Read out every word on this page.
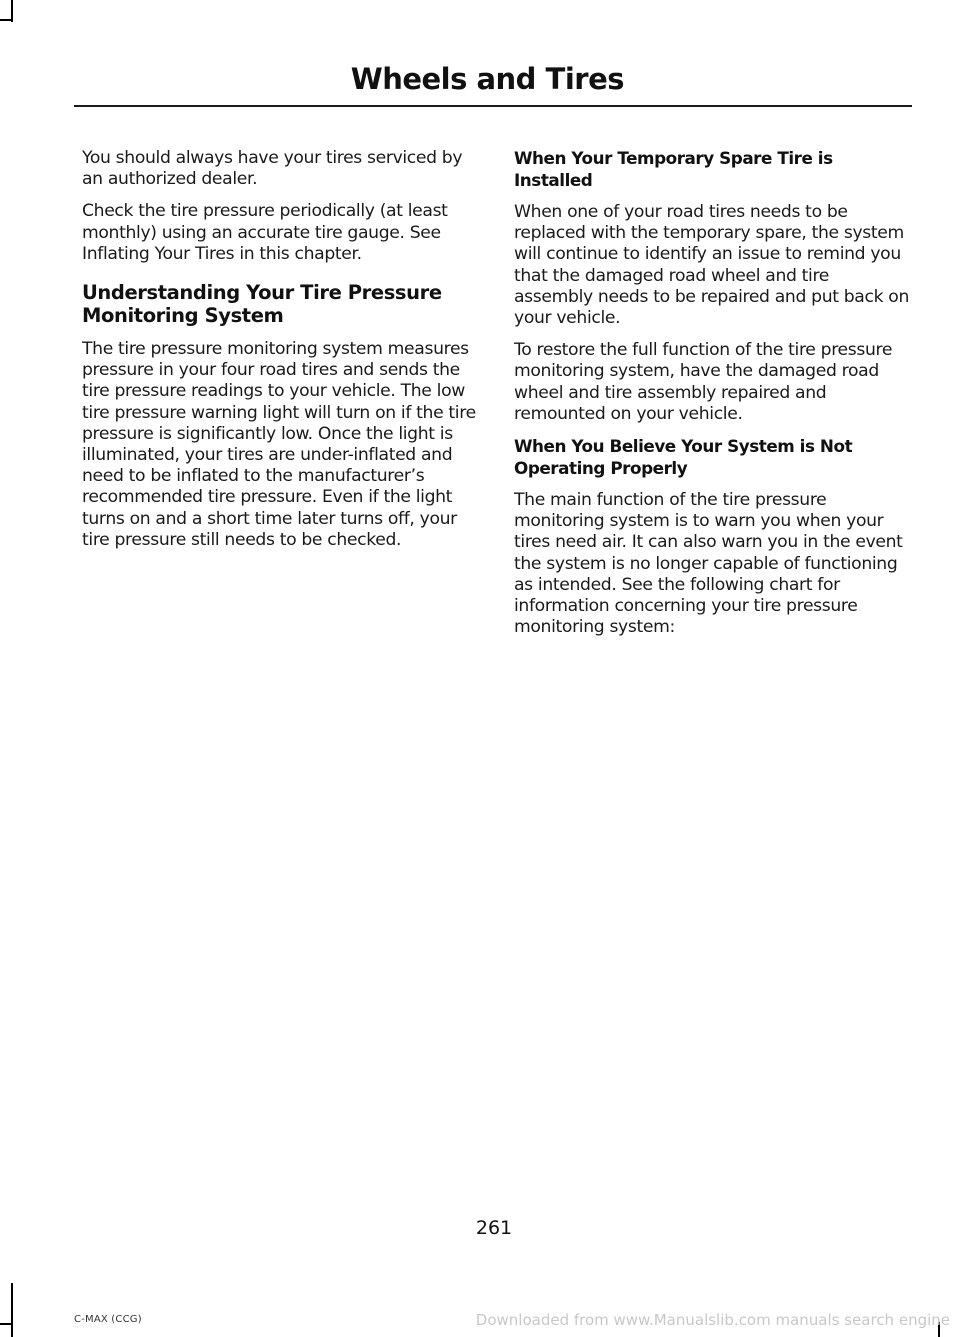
Wheels and Tires

You should always have your tires serviced by an authorized dealer.

Check the tire pressure periodically (at least monthly) using an accurate tire gauge. See Inflating Your Tires in this chapter.

Understanding Your Tire Pressure Monitoring System

The tire pressure monitoring system measures pressure in your four road tires and sends the tire pressure readings to your vehicle. The low tire pressure warning light will turn on if the tire pressure is significantly low. Once the light is illuminated, your tires are under-inflated and need to be inflated to the manufacturer’s recommended tire pressure. Even if the light turns on and a short time later turns off, your tire pressure still needs to be checked.

When Your Temporary Spare Tire is Installed

When one of your road tires needs to be replaced with the temporary spare, the system will continue to identify an issue to remind you that the damaged road wheel and tire assembly needs to be repaired and put back on your vehicle.

To restore the full function of the tire pressure monitoring system, have the damaged road wheel and tire assembly repaired and remounted on your vehicle.

When You Believe Your System is Not Operating Properly

The main function of the tire pressure monitoring system is to warn you when your tires need air. It can also warn you in the event the system is no longer capable of functioning as intended. See the following chart for information concerning your tire pressure monitoring system:

261
C-MAX (CCG)	Downloaded from www.Manualslib.com manuals search engine
